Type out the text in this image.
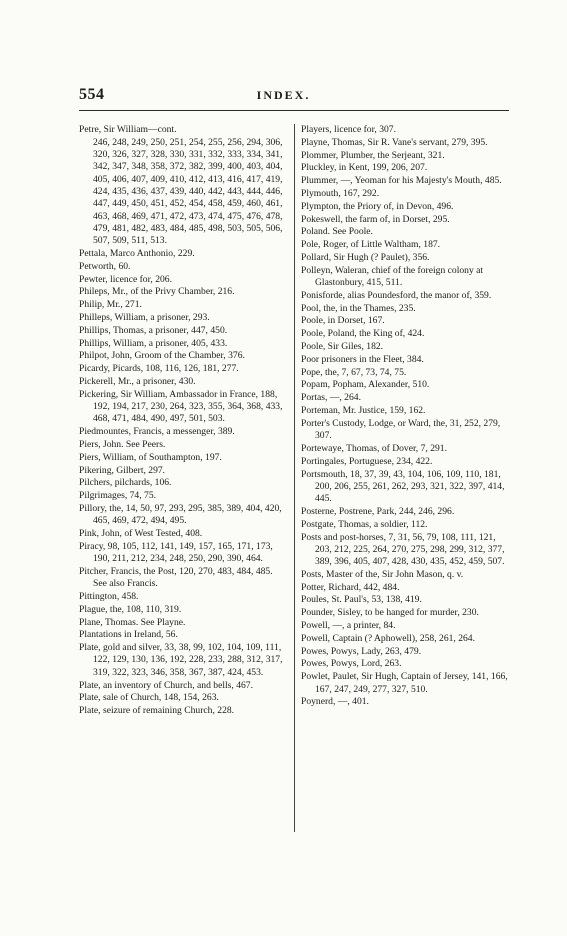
554	INDEX.

Petre, Sir William—cont.

246, 248, 249, 250, 251, 254, 255, 256, 294, 306, 320, 326, 327, 328, 330, 331, 332, 333, 334, 341, 342, 347, 348, 358, 372, 382, 399, 400, 403, 404, 405, 406, 407, 409, 410, 412, 413, 416, 417, 419, 424, 435, 436, 437, 439, 440, 442, 443, 444, 446, 447, 449, 450, 451, 452, 454, 458, 459, 460, 461, 463, 468, 469, 471, 472, 473, 474, 475, 476, 478, 479, 481, 482, 483, 484, 485, 498, 503, 505, 506, 507, 509, 511, 513.

Pettala, Marco Anthonio, 229.

Petworth, 60.

Pewter, licence for, 206.

Phileps, Mr., of the Privy Chamber, 216.

Philip, Mr., 271.

Philleps, William, a prisoner, 293.

Phillips, Thomas, a prisoner, 447, 450.

Phillips, William, a prisoner, 405, 433.

Philpot, John, Groom of the Chamber, 376.

Picardy, Picards, 108, 116, 126, 181, 277.

Pickerell, Mr., a prisoner, 430.

Pickering, Sir William, Ambassador in France, 188, 192, 194, 217, 230, 264, 323, 355, 364, 368, 433, 468, 471, 484, 490, 497, 501, 503.

Piedmountes, Francis, a messenger, 389.

Piers, John. See Peers.

Piers, William, of Southampton, 197.

Pikering, Gilbert, 297.

Pilchers, pilchards, 106.

Pilgrimages, 74, 75.

Pillory, the, 14, 50, 97, 293, 295, 385, 389, 404, 420, 465, 469, 472, 494, 495.

Pink, John, of West Tested, 408.

Piracy, 98, 105, 112, 141, 149, 157, 165, 171, 173, 190, 211, 212, 234, 248, 250, 290, 390, 464.

Pitcher, Francis, the Post, 120, 270, 483, 484, 485. See also Francis.

Pittington, 458.

Plague, the, 108, 110, 319.

Plane, Thomas. See Playne.

Plantations in Ireland, 56.

Plate, gold and silver, 33, 38, 99, 102, 104, 109, 111, 122, 129, 130, 136, 192, 228, 233, 288, 312, 317, 319, 322, 323, 346, 358, 367, 387, 424, 453.

Plate, an inventory of Church, and bells, 467.

Plate, sale of Church, 148, 154, 263.

Plate, seizure of remaining Church, 228.

Players, licence for, 307.

Playne, Thomas, Sir R. Vane's servant, 279, 395.

Plommer, Plumber, the Serjeant, 321.

Pluckley, in Kent, 199, 206, 207.

Plummer, —, Yeoman for his Majesty's Mouth, 485.

Plymouth, 167, 292.

Plympton, the Priory of, in Devon, 496.

Pokeswell, the farm of, in Dorset, 295.

Poland. See Poole.

Pole, Roger, of Little Waltham, 187.

Pollard, Sir Hugh (? Paulet), 356.

Polleyn, Waleran, chief of the foreign colony at Glastonbury, 415, 511.

Ponisforde, alias Poundesford, the manor of, 359.

Pool, the, in the Thames, 235.

Poole, in Dorset, 167.

Poole, Poland, the King of, 424.

Poole, Sir Giles, 182.

Poor prisoners in the Fleet, 384.

Pope, the, 7, 67, 73, 74, 75.

Popam, Popham, Alexander, 510.

Portas, —, 264.

Porteman, Mr. Justice, 159, 162.

Porter's Custody, Lodge, or Ward, the, 31, 252, 279, 307.

Portewaye, Thomas, of Dover, 7, 291.

Portingales, Portuguese, 234, 422.

Portsmouth, 18, 37, 39, 43, 104, 106, 109, 110, 181, 200, 206, 255, 261, 262, 293, 321, 322, 397, 414, 445.

Posterne, Postrene, Park, 244, 246, 296.

Postgate, Thomas, a soldier, 112.

Posts and post-horses, 7, 31, 56, 79, 108, 111, 121, 203, 212, 225, 264, 270, 275, 298, 299, 312, 377, 389, 396, 405, 407, 428, 430, 435, 452, 459, 507.

Posts, Master of the, Sir John Mason, q. v.

Potter, Richard, 442, 484.

Poules, St. Paul's, 53, 138, 419.

Pounder, Sisley, to be hanged for murder, 230.

Powell, —, a printer, 84.

Powell, Captain (? Aphowell), 258, 261, 264.

Powes, Powys, Lady, 263, 479.

Powes, Powys, Lord, 263.

Powlet, Paulet, Sir Hugh, Captain of Jersey, 141, 166, 167, 247, 249, 277, 327, 510.

Poynerd, —, 401.
